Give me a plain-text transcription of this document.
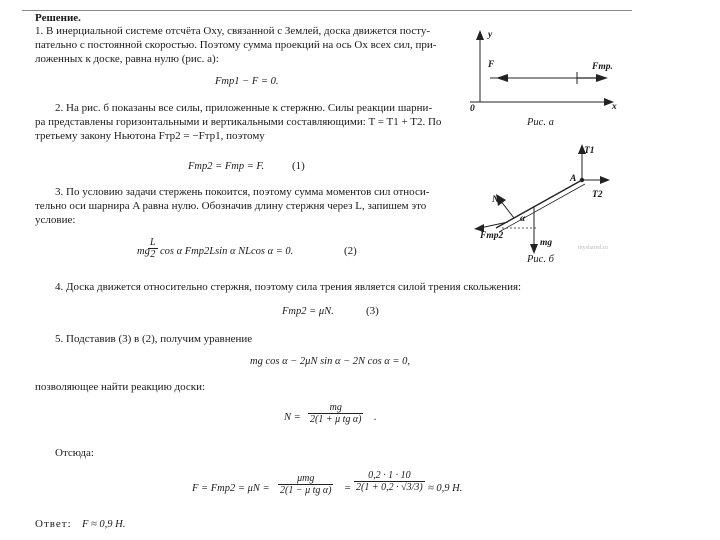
Решение.
1. В инерциальной системе отсчёта Oxy, связанной с Землей, доска движется посту-
пательно с постоянной скоростью. Поэтому сумма проекций на ось Ox всех сил, при-
ложенных к доске, равна нулю (рис. а):
Fтр1 − F = 0.
2. На рис. б показаны все силы, приложенные к стержню. Силы реакции шарни-
ра представлены горизонтальными и вертикальными составляющими: T = T1 + T2. По
третьему закону Ньютона Fтр2 = −Fтр1, поэтому
Fтр2 = Fтр = F.	(1)
3. По условию задачи стержень покоится, поэтому сумма моментов сил относи-
тельно оси шарнира A равна нулю. Обозначив длину стержня через L, запишем это
условие:
mg
$\frac{L}{2}$ cos α Fтр2Lsin α NLcos α = 0.	(2)
4. Доска движется относительно стержня, поэтому сила трения является силой трения скольжения:
Fтр2 = μN.	(3)
5. Подставив (3) в (2), получим уравнение
mg cos α − 2μN sin α − 2N cos α = 0,
позволяющее найти реакцию доски:
$N = \frac{mg}{\text{2(1 + μ tg α)}}$ .
Отсюда:
F = Fтр2 = μN =
μmg
2(1 − μ tg $\alpha) = \frac{0,2 \cdot 1 \cdot 10}{2(1 + 0,2 \cdot √3/3)} \approx 0,9$ Н.
Ответ: F ≈ 0,9 Н.
y
x
0
F	Fтр.
Рис. а
T1
T2
A
N
Fтр2
mg
α
Рис. б
myshared.ru
